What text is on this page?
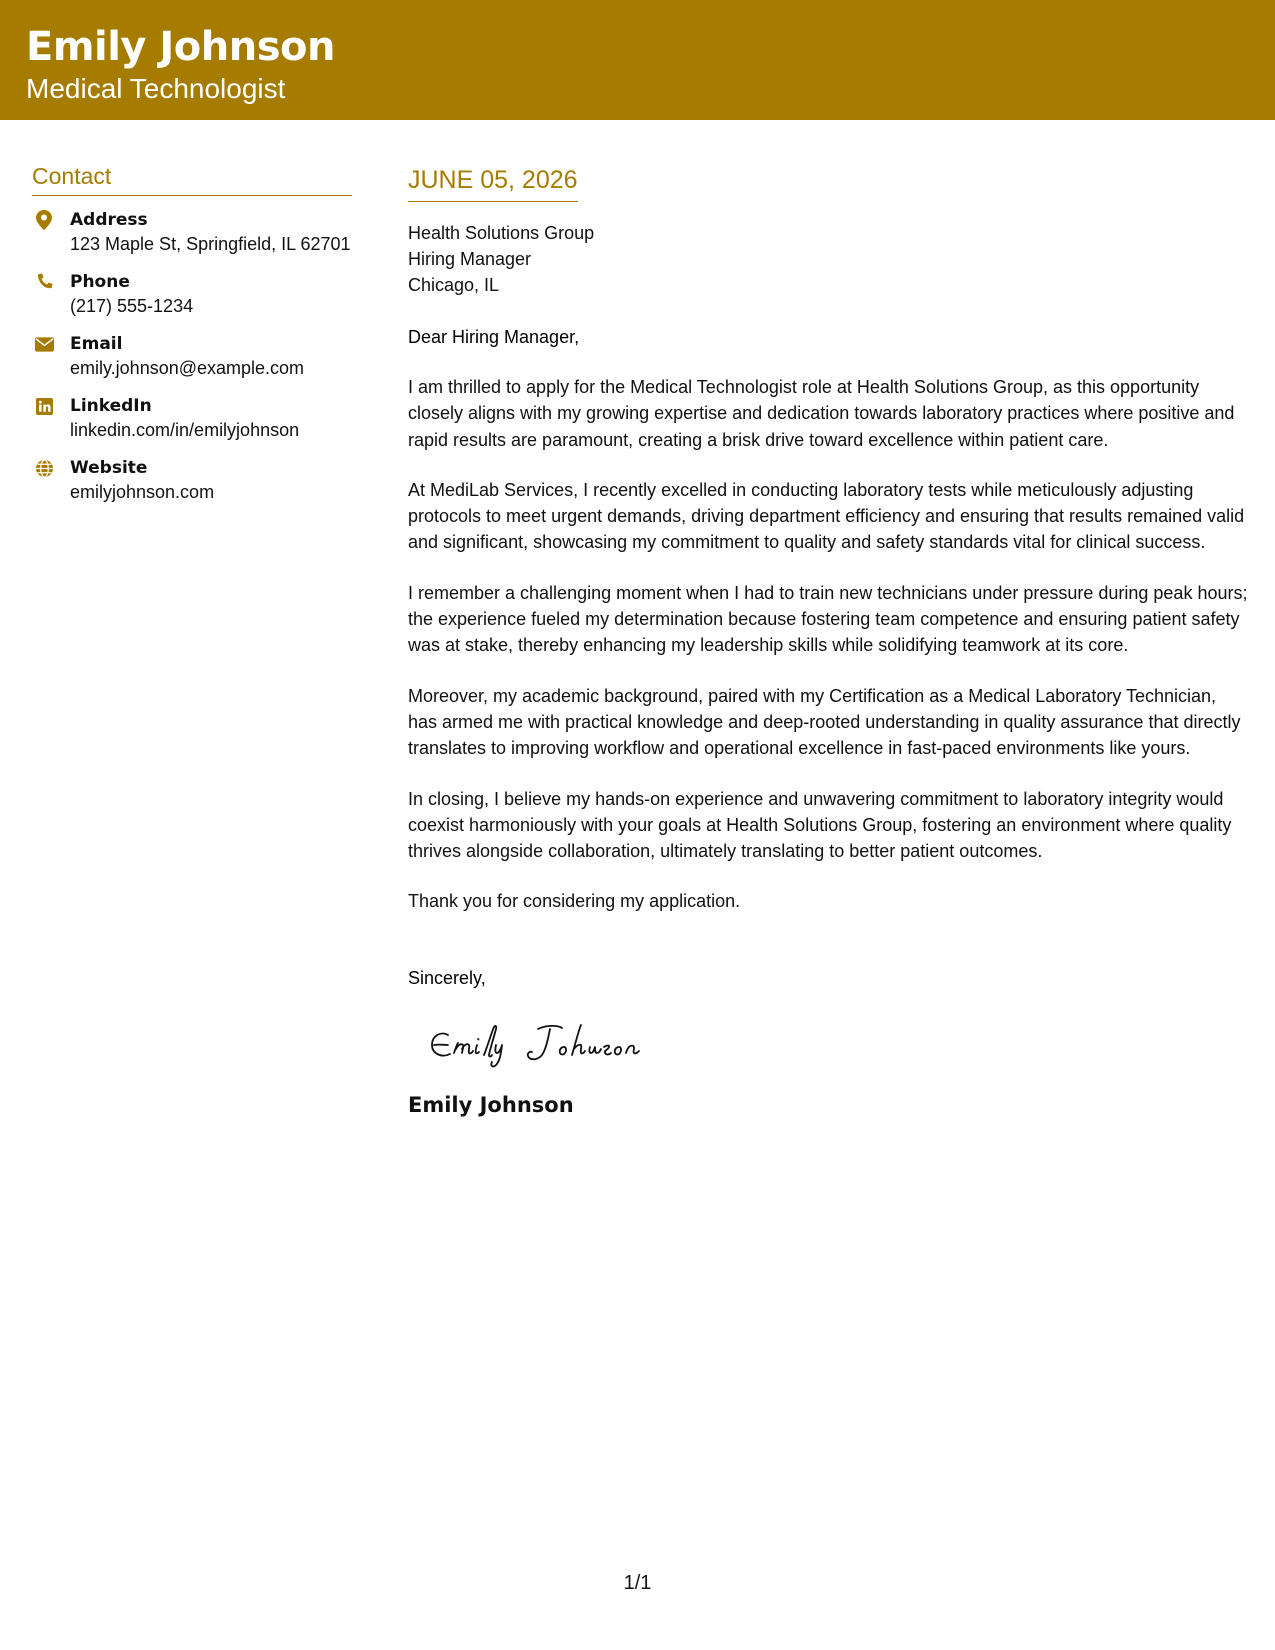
Emily Johnson
Medical Technologist
Contact
Address
123 Maple St, Springfield, IL 62701
Phone
(217) 555-1234
Email
emily.johnson@example.com
LinkedIn
linkedin.com/in/emilyjohnson
Website
emilyjohnson.com
JUNE 05, 2026
Health Solutions Group
Hiring Manager
Chicago, IL
Dear Hiring Manager,

I am thrilled to apply for the Medical Technologist role at Health Solutions Group, as this opportunity closely aligns with my growing expertise and dedication towards laboratory practices where positive and rapid results are paramount, creating a brisk drive toward excellence within patient care.

At MediLab Services, I recently excelled in conducting laboratory tests while meticulously adjusting protocols to meet urgent demands, driving department efficiency and ensuring that results remained valid and significant, showcasing my commitment to quality and safety standards vital for clinical success.

I remember a challenging moment when I had to train new technicians under pressure during peak hours; the experience fueled my determination because fostering team competence and ensuring patient safety was at stake, thereby enhancing my leadership skills while solidifying teamwork at its core.

Moreover, my academic background, paired with my Certification as a Medical Laboratory Technician, has armed me with practical knowledge and deep-rooted understanding in quality assurance that directly translates to improving workflow and operational excellence in fast-paced environments like yours.

In closing, I believe my hands-on experience and unwavering commitment to laboratory integrity would coexist harmoniously with your goals at Health Solutions Group, fostering an environment where quality thrives alongside collaboration, ultimately translating to better patient outcomes.

Thank you for considering my application.

Sincerely,
Emily Johnson
1/1
